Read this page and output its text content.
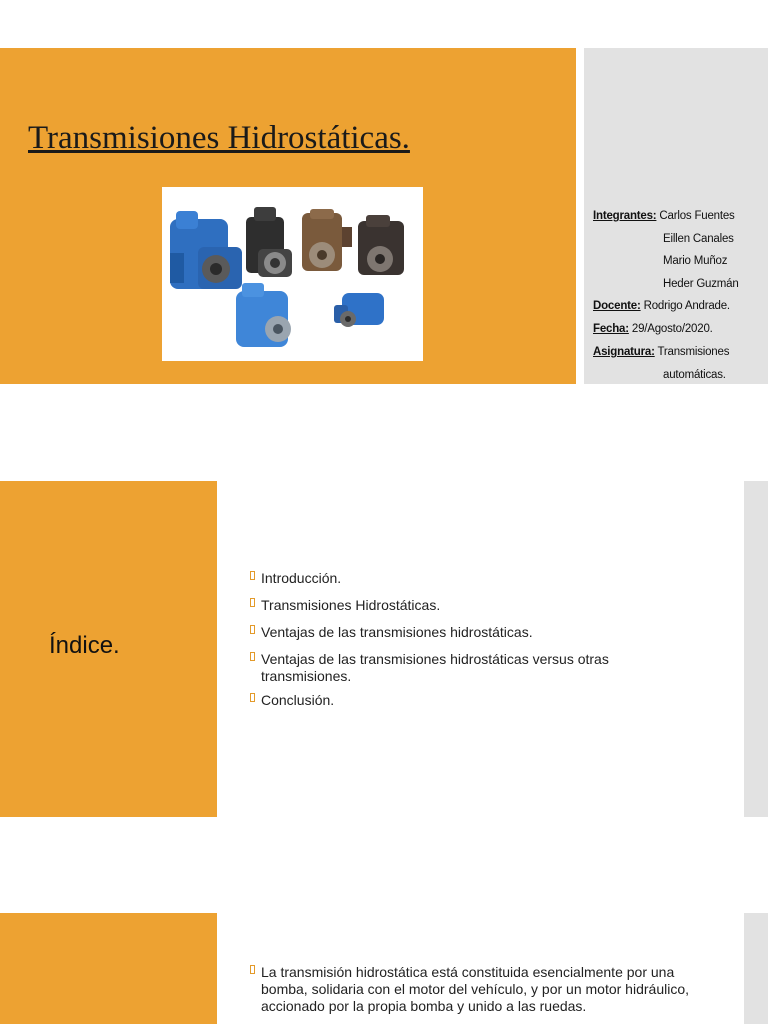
Transmisiones Hidrostáticas.
Integrantes: Carlos Fuentes
Eillen Canales
Mario Muñoz
Heder Guzmán
Docente: Rodrigo Andrade.
Fecha: 29/Agosto/2020.
Asignatura: Transmisiones
automáticas.
Índice.
Introducción.
Transmisiones Hidrostáticas.
Ventajas de las transmisiones hidrostáticas.
Ventajas de las transmisiones hidrostáticas versus otras transmisiones.
Conclusión.
La transmisión hidrostática está constituida esencialmente por una bomba, solidaria con el motor del vehículo, y por un motor hidráulico, accionado por la propia bomba y unido a las ruedas.
